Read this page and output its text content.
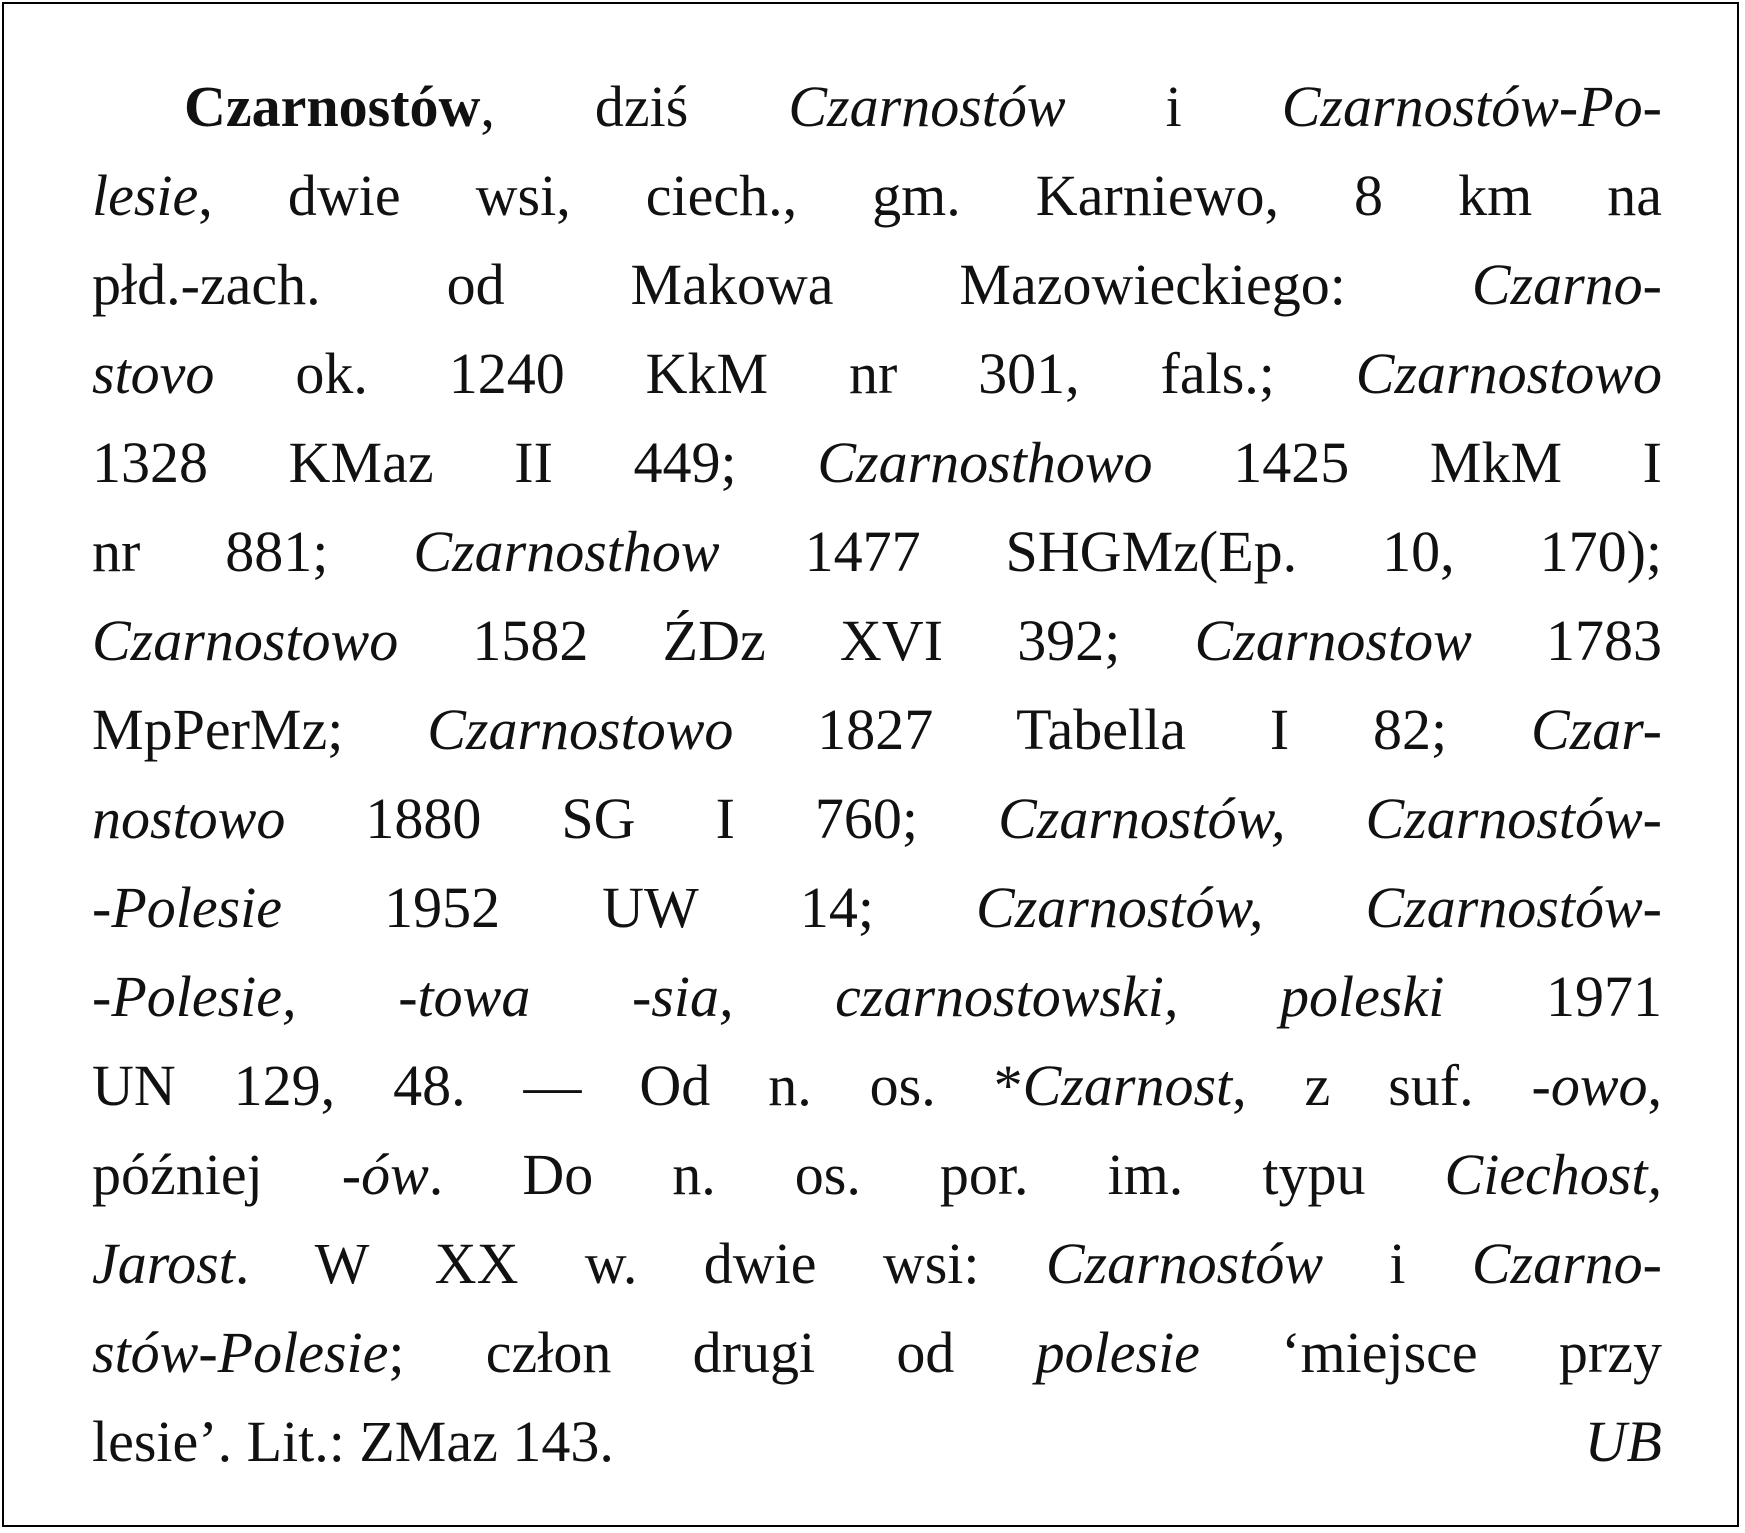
Czarnostów, dziś Czarnostów i Czarnostów-Po-
lesie, dwie wsi, ciech., gm. Karniewo, 8 km na
płd.-zach. od Makowa Mazowieckiego: Czarno-
stovo ok. 1240 KkM nr 301, fals.; Czarnostowo
1328 KMaz II 449; Czarnosthowo 1425 MkM I
nr 881; Czarnosthow 1477 SHGMz(Ep. 10, 170);
Czarnostowo 1582 ŹDz XVI 392; Czarnostow 1783
MpPerMz; Czarnostowo 1827 Tabella I 82; Czar-
nostowo 1880 SG I 760; Czarnostów, Czarnostów-
-Polesie 1952 UW 14; Czarnostów, Czarnostów-
-Polesie, -towa -sia, czarnostowski, poleski 1971
UN 129, 48. — Od n. os. *Czarnost, z suf. -owo,
później -ów. Do n. os. por. im. typu Ciechost,
Jarost. W XX w. dwie wsi: Czarnostów i Czarno-
stów-Polesie; człon drugi od polesie ‘miejsce przy
lesie’. Lit.: ZMaz 143.	UB
